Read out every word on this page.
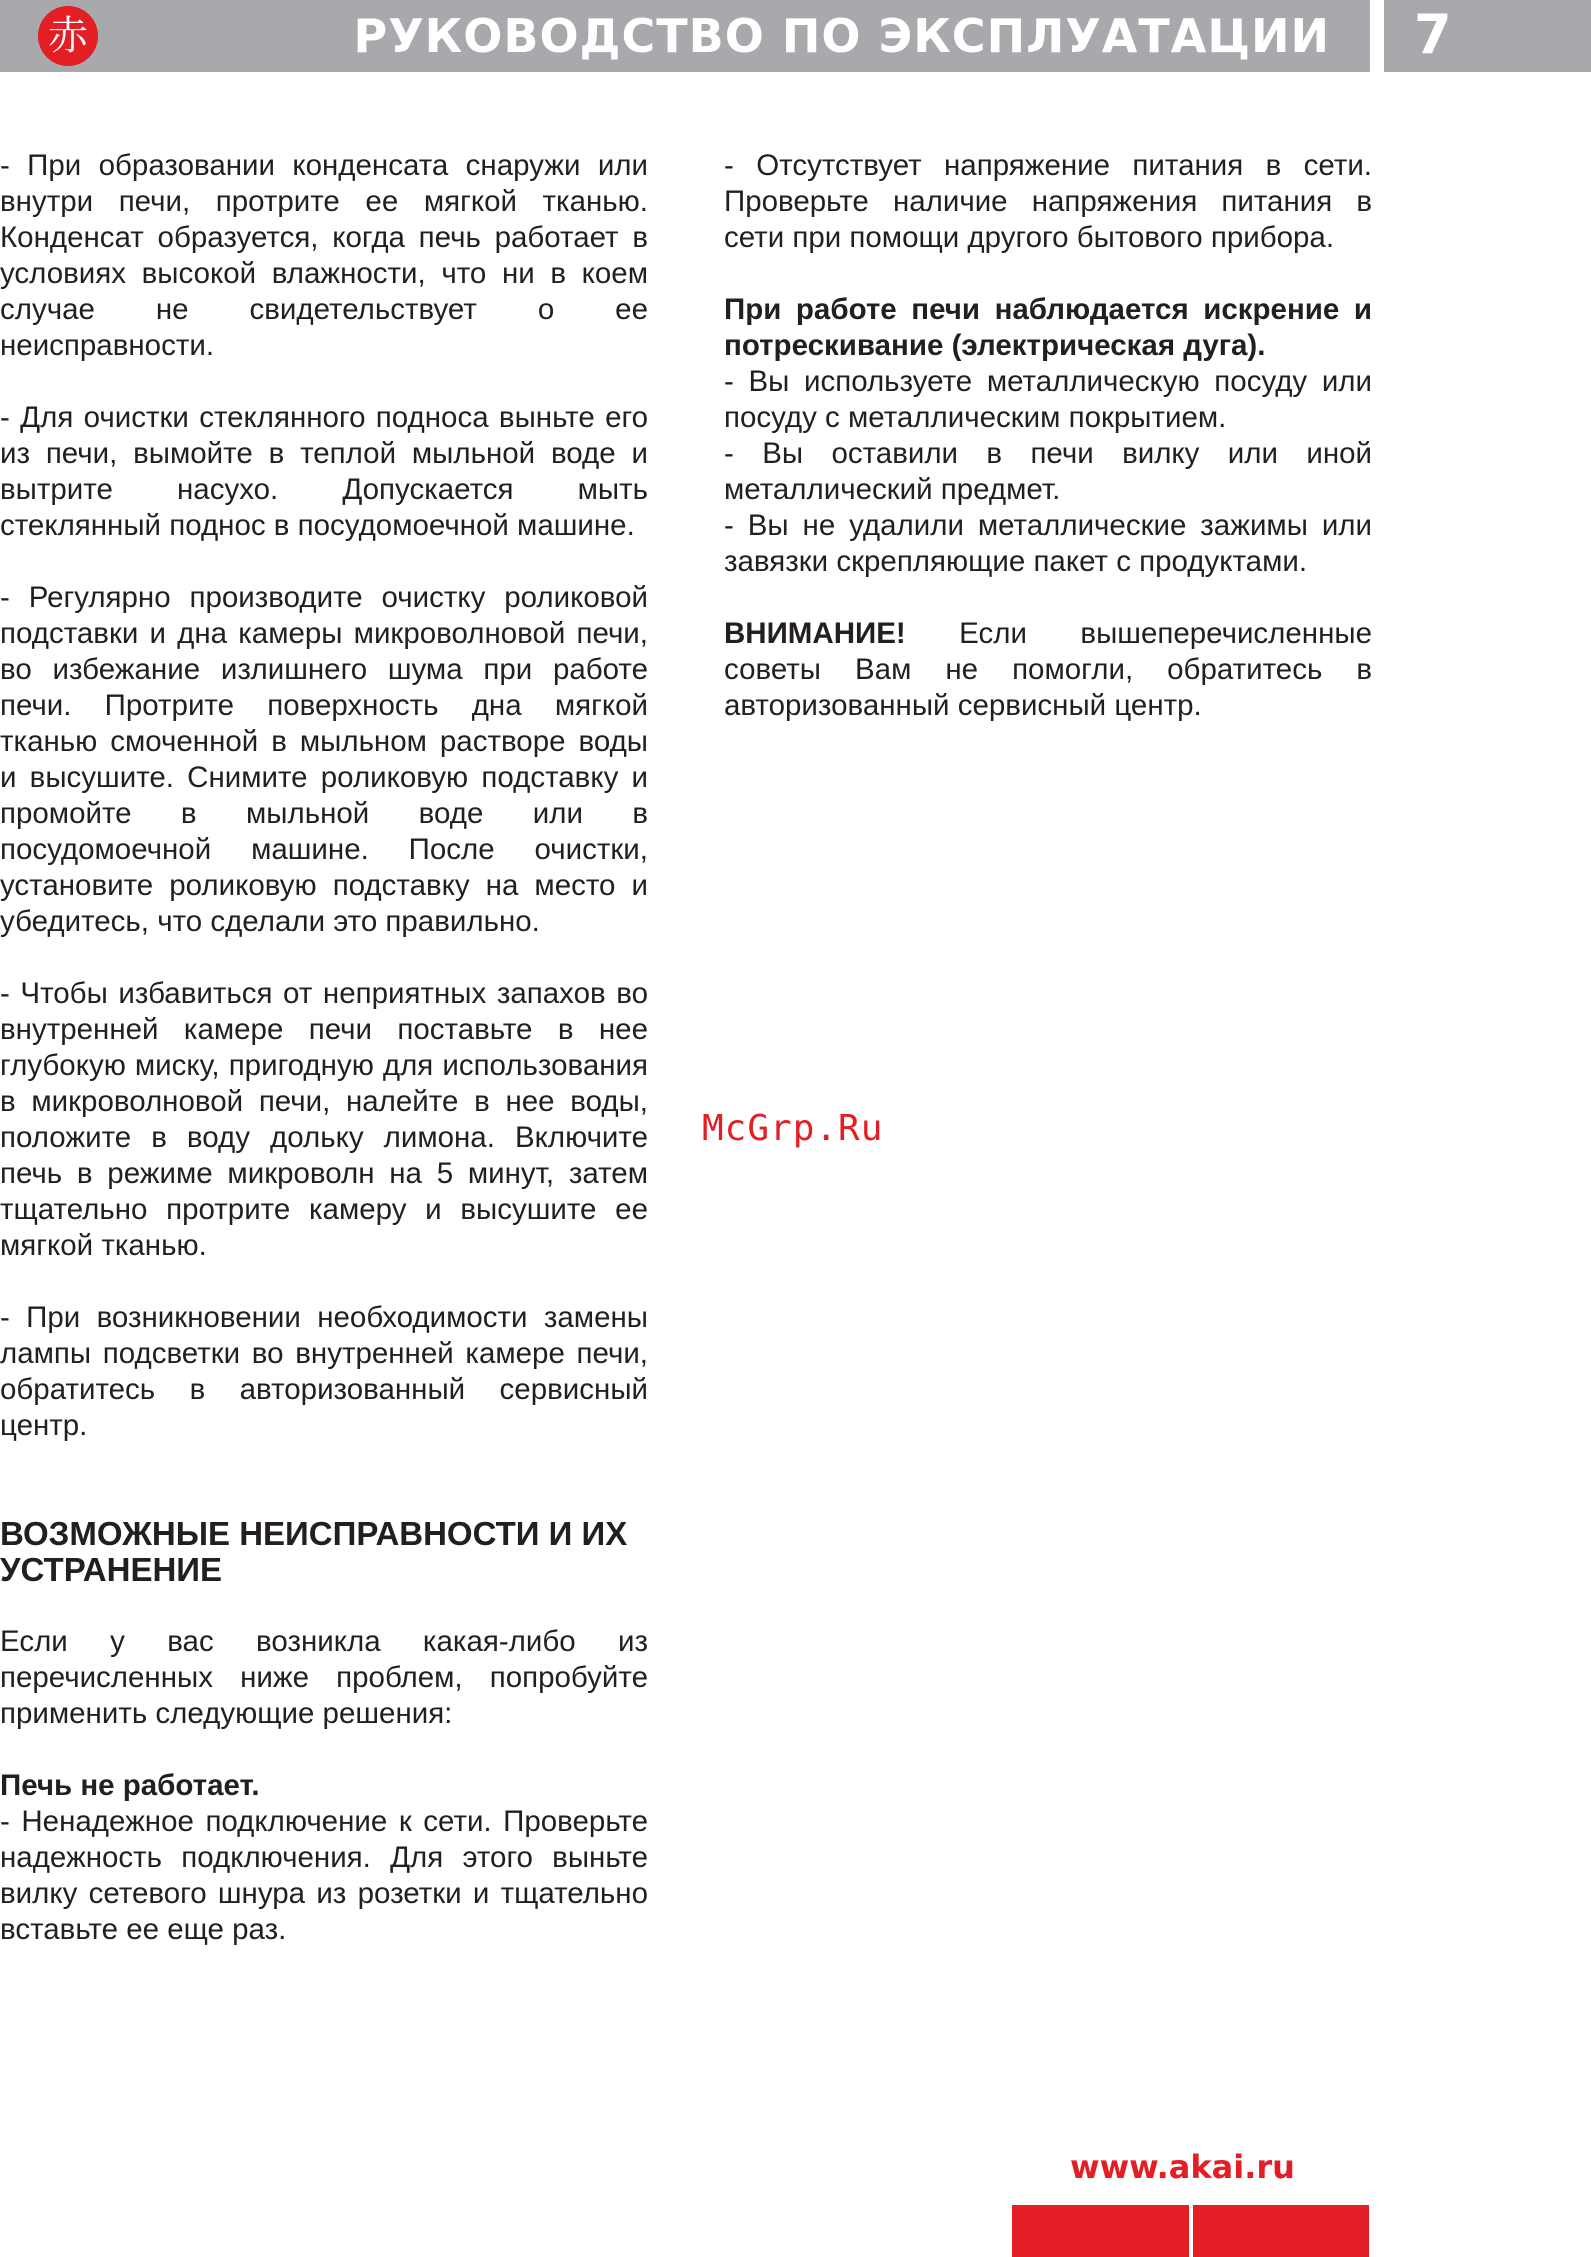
赤	РУКОВОДСТВО ПО ЭКСПЛУАТАЦИИ 7

- При образовании конденсата снаружи или внутри печи, протрите ее мягкой тканью. Конденсат образуется, когда печь работает в условиях высокой влажности, что ни в коем случае не свидетельствует о ее неисправности.

- Для очистки стеклянного подноса выньте его из печи, вымойте в теплой мыльной воде и вытрите насухо. Допускается мыть стеклянный поднос в посудомоечной машине.

- Регулярно производите очистку роликовой подставки и дна камеры микроволновой печи, во избежание излишнего шума при работе печи. Протрите поверхность дна мягкой тканью смоченной в мыльном растворе воды и высушите. Снимите роликовую подставку и промойте в мыльной воде или в посудомоечной машине. После очистки, установите роликовую подставку на место и убедитесь, что сделали это правильно.

- Чтобы избавиться от неприятных запахов во внутренней камере печи поставьте в нее глубокую миску, пригодную для использования в микроволновой печи, налейте в нее воды, положите в воду дольку лимона. Включите печь в режиме микроволн на 5 минут, затем тщательно протрите камеру и высушите ее мягкой тканью.

- При возникновении необходимости замены лампы подсветки во внутренней камере печи, обратитесь в авторизованный сервисный центр.

ВОЗМОЖНЫЕ НЕИСПРАВНОСТИ И ИХ УСТРАНЕНИЕ

Если у вас возникла какая-либо из перечисленных ниже проблем, попробуйте применить следующие решения:

Печь не работает.
- Ненадежное подключение к сети. Проверьте надежность подключения. Для этого выньте вилку сетевого шнура из розетки и тщательно вставьте ее еще раз.

- Отсутствует напряжение питания в сети. Проверьте наличие напряжения питания в сети при помощи другого бытового прибора.

При работе печи наблюдается искрение и потрескивание (электрическая дуга).
- Вы используете металлическую посуду или посуду с металлическим покрытием.
- Вы оставили в печи вилку или иной металлический предмет.
- Вы не удалили металлические зажимы или завязки скрепляющие пакет с продуктами.

ВНИМАНИЕ! Если вышеперечисленные советы Вам не помогли, обратитесь в авторизованный сервисный центр.

McGrp.Ru
www.akai.ru
